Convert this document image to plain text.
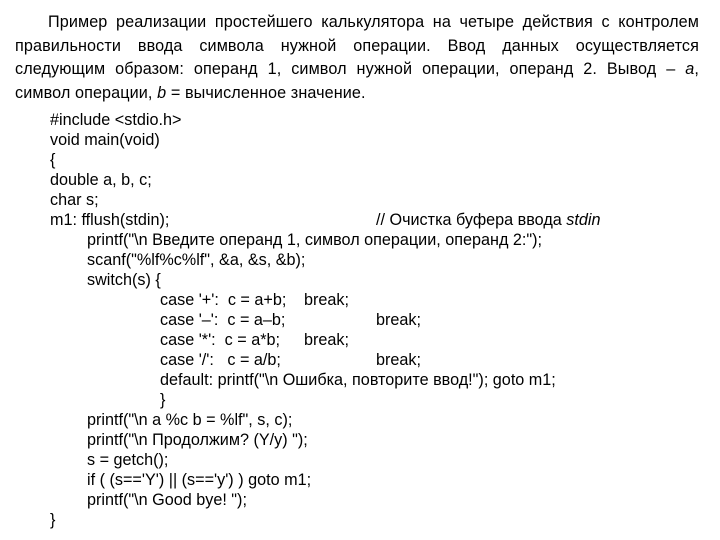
Пример реализации простейшего калькулятора на четыре действия с контролем правильности ввода символа нужной операции. Ввод данных осуществляется следующим образом: операнд 1, символ нужной операции, операнд 2. Вывод – a, символ операции, b = вычисленное значение.

#include <stdio.h>
void main(void)
{
double a, b, c;
char s;

m1: fflush(stdin);

	// Очистка буфера ввода stdin

printf("\n Введите операнд 1, символ операции, операнд 2:");
scanf("%lf%c%lf", &a, &s, &b);
switch(s) {

case '+':  c = a+b;

break;

case '–':  c = a–b;

	break;

case '*':  c = a*b;

break;

case '/':   c = a/b;

	break;

default: printf("\n Ошибка, повторите ввод!"); goto m1;
}
printf("\n a %c b = %lf", s, c);
printf("\n Продолжим? (Y/y) ");
s = getch();
if ( (s=='Y') || (s=='y') ) goto m1;
printf("\n Good bye! ");
}
